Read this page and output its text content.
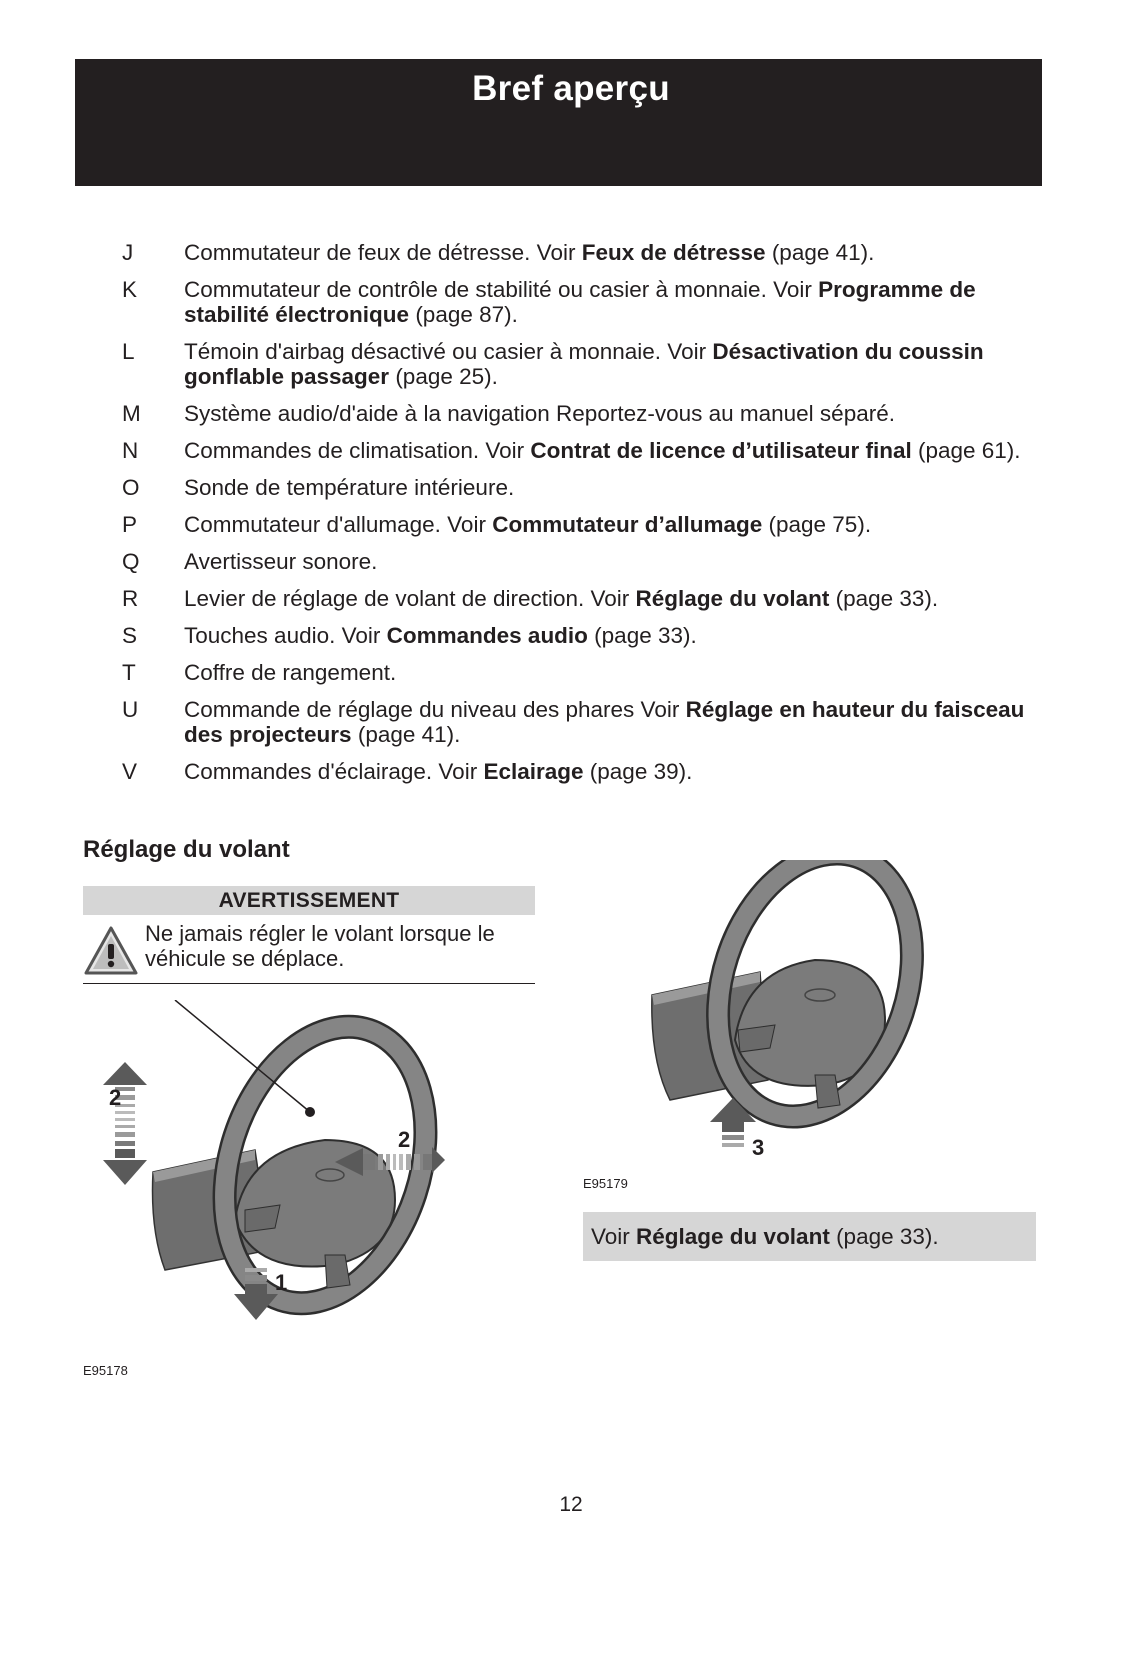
Bref aperçu
J	Commutateur de feux de détresse. Voir Feux de détresse (page 41).
K	Commutateur de contrôle de stabilité ou casier à monnaie. Voir Programme de stabilité électronique (page 87).
L	Témoin d'airbag désactivé ou casier à monnaie. Voir Désactivation du coussin gonflable passager (page 25).
M	Système audio/d'aide à la navigation Reportez-vous au manuel séparé.
N	Commandes de climatisation. Voir Contrat de licence d’utilisateur final (page 61).
O	Sonde de température intérieure.
P	Commutateur d'allumage. Voir Commutateur d’allumage (page 75).
Q	Avertisseur sonore.
R	Levier de réglage de volant de direction. Voir Réglage du volant (page 33).
S	Touches audio. Voir Commandes audio (page 33).
T	Coffre de rangement.
U	Commande de réglage du niveau des phares Voir Réglage en hauteur du faisceau des projecteurs (page 41).
V	Commandes d'éclairage. Voir Eclairage (page 39).
Réglage du volant
AVERTISSEMENT
Ne jamais régler le volant lorsque le véhicule se déplace.
2
2
1
E95178
3
E95179
Voir Réglage du volant (page 33).
12
